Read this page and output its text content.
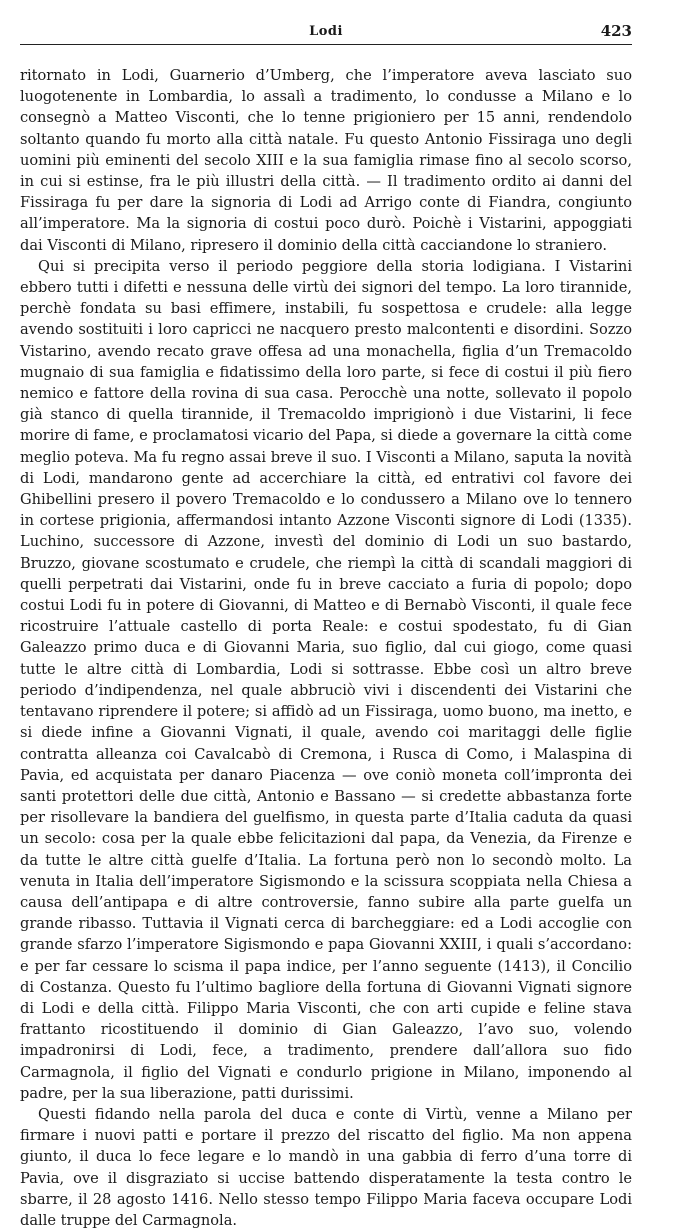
Lodi	423

ritornato in Lodi, Guarnerio d’Umberg, che l’imperatore aveva lasciato suo luogotenente in Lombardia, lo assalì a tradimento, lo condusse a Milano e lo consegnò a Matteo Visconti, che lo tenne prigioniero per 15 anni, rendendolo soltanto quando fu morto alla città natale. Fu questo Antonio Fissiraga uno degli uomini più eminenti del secolo XIII e la sua famiglia rimase fino al secolo scorso, in cui si estinse, fra le più illustri della città. — Il tradimento ordito ai danni del Fissiraga fu per dare la signoria di Lodi ad Arrigo conte di Fiandra, congiunto all’imperatore. Ma la signoria di costui poco durò. Poichè i Vistarini, appoggiati dai Visconti di Milano, ripresero il dominio della città cacciandone lo straniero.

Qui si precipita verso il periodo peggiore della storia lodigiana. I Vistarini ebbero tutti i difetti e nessuna delle virtù dei signori del tempo. La loro tirannide, perchè fondata su basi effimere, instabili, fu sospettosa e crudele: alla legge avendo sostituiti i loro capricci ne nacquero presto malcontenti e disordini. Sozzo Vistarino, avendo recato grave offesa ad una monachella, figlia d’un Tremacoldo mugnaio di sua famiglia e fidatissimo della loro parte, si fece di costui il più fiero nemico e fattore della rovina di sua casa. Perocchè una notte, sollevato il popolo già stanco di quella tirannide, il Tremacoldo imprigionò i due Vistarini, li fece morire di fame, e proclamatosi vicario del Papa, si diede a governare la città come meglio poteva. Ma fu regno assai breve il suo. I Visconti a Milano, saputa la novità di Lodi, mandarono gente ad accerchiare la città, ed entrativi col favore dei Ghibellini presero il povero Tremacoldo e lo condussero a Milano ove lo tennero in cortese prigionia, affermandosi intanto Azzone Visconti signore di Lodi (1335). Luchino, successore di Azzone, investì del dominio di Lodi un suo bastardo, Bruzzo, giovane scostumato e crudele, che riempì la città di scandali maggiori di quelli perpetrati dai Vistarini, onde fu in breve cacciato a furia di popolo; dopo costui Lodi fu in potere di Giovanni, di Matteo e di Bernabò Visconti, il quale fece ricostruire l’attuale castello di porta Reale: e costui spodestato, fu di Gian Galeazzo primo duca e di Giovanni Maria, suo figlio, dal cui giogo, come quasi tutte le altre città di Lombardia, Lodi si sottrasse. Ebbe così un altro breve periodo d’indipendenza, nel quale abbruciò vivi i discendenti dei Vistarini che tentavano riprendere il potere; si affidò ad un Fissiraga, uomo buono, ma inetto, e si diede infine a Giovanni Vignati, il quale, avendo coi maritaggi delle figlie contratta alleanza coi Cavalcabò di Cremona, i Rusca di Como, i Malaspina di Pavia, ed acquistata per danaro Piacenza — ove coniò moneta coll’impronta dei santi protettori delle due città, Antonio e Bassano — si credette abbastanza forte per risollevare la bandiera del guelfismo, in questa parte d’Italia caduta da quasi un secolo: cosa per la quale ebbe felicitazioni dal papa, da Venezia, da Firenze e da tutte le altre città guelfe d’Italia. La fortuna però non lo secondò molto. La venuta in Italia dell’imperatore Sigismondo e la scissura scoppiata nella Chiesa a causa dell’antipapa e di altre controversie, fanno subire alla parte guelfa un grande ribasso. Tuttavia il Vignati cerca di barcheggiare: ed a Lodi accoglie con grande sfarzo l’imperatore Sigismondo e papa Giovanni XXIII, i quali s’accordano: e per far cessare lo scisma il papa indice, per l’anno seguente (1413), il Concilio di Costanza. Questo fu l’ultimo bagliore della fortuna di Giovanni Vignati signore di Lodi e della città. Filippo Maria Visconti, che con arti cupide e feline stava frattanto ricostituendo il dominio di Gian Galeazzo, l’avo suo, volendo impadronirsi di Lodi, fece, a tradimento, prendere dall’allora suo fido Carmagnola, il figlio del Vignati e condurlo prigione in Milano, imponendo al padre, per la sua liberazione, patti durissimi.

Questi fidando nella parola del duca e conte di Virtù, venne a Milano per firmare i nuovi patti e portare il prezzo del riscatto del figlio. Ma non appena giunto, il duca lo fece legare e lo mandò in una gabbia di ferro d’una torre di Pavia, ove il disgraziato si uccise battendo disperatamente la testa contro le sbarre, il 28 agosto 1416. Nello stesso tempo Filippo Maria faceva occupare Lodi dalle truppe del Carmagnola.
